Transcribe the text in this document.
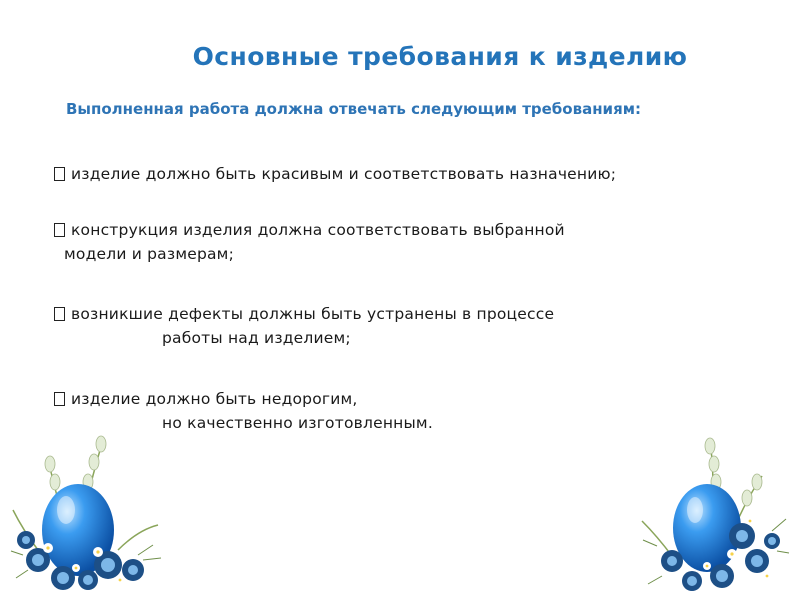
Основные требования к изделию
Выполненная работа должна отвечать следующим требованиям:
изделие должно быть красивым и соответствовать назначению;
конструкция изделия должна соответствовать выбранной
модели и размерам;
возникшие дефекты должны быть устранены в процессе
работы над изделием;
изделие должно быть недорогим,
но качественно изготовленным.
